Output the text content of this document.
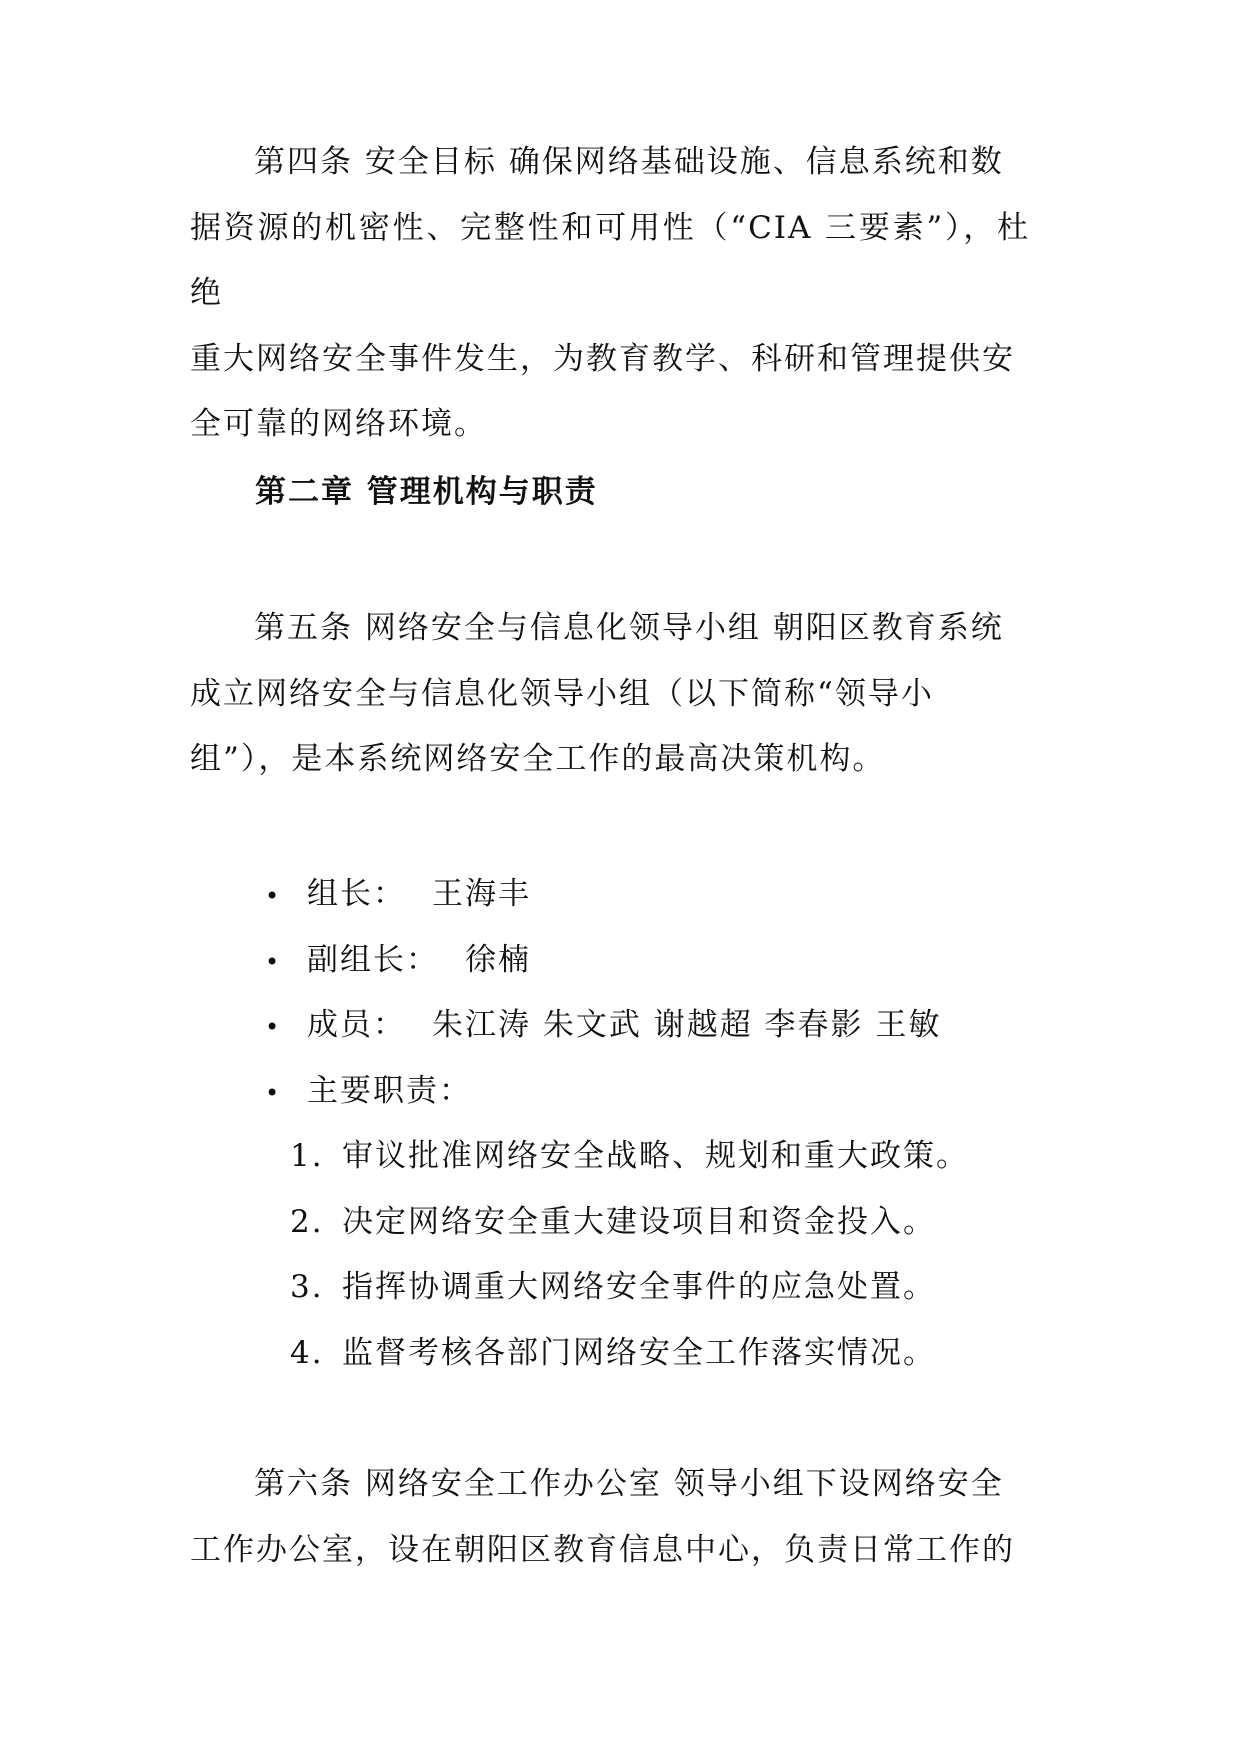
第四条 安全目标 确保网络基础设施、信息系统和数
据资源的机密性、完整性和可用性（“CIA 三要素”），杜绝
重大网络安全事件发生，为教育教学、科研和管理提供安
全可靠的网络环境。

第二章 管理机构与职责

第五条 网络安全与信息化领导小组 朝阳区教育系统
成立网络安全与信息化领导小组（以下简称“领导小
组”），是本系统网络安全工作的最高决策机构。

• 组长： 王海丰
• 副组长： 徐楠
• 成员： 朱江涛 朱文武 谢越超 李春影 王敏
• 主要职责：
1. 审议批准网络安全战略、规划和重大政策。
2. 决定网络安全重大建设项目和资金投入。
3. 指挥协调重大网络安全事件的应急处置。
4. 监督考核各部门网络安全工作落实情况。

第六条 网络安全工作办公室 领导小组下设网络安全
工作办公室，设在朝阳区教育信息中心，负责日常工作的
